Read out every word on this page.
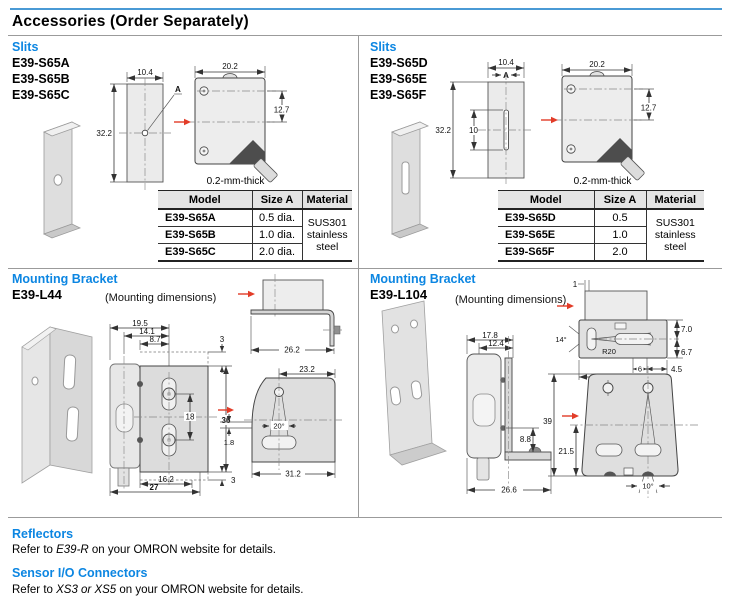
Accessories (Order Separately)
Slits
E39-S65A
E39-S65B
E39-S65C
10.4
32.2
A
20.2
12.7
0.2-mm-thick
Model	Size A	Material
E39-S65A	0.5 dia.	SUS301 stainless steel
E39-S65B	1.0 dia.	
E39-S65C	2.0 dia.	
Slits
E39-S65D
E39-S65E
E39-S65F
10.4
A
32.2 10
20.2
12.7
0.2-mm-thick
Model	Size A	Material
E39-S65D	0.5	SUS301 stainless steel
E39-S65E	1.0	
E39-S65F	2.0	
Mounting Bracket
E39-L44	(Mounting dimensions)
19.5
14.1
8.7	3
18	36
3
16.2
27
26.2
23.2
20°
31.2
1.8
Mounting Bracket
E39-L104	(Mounting dimensions)
1
R20
14°
7.0
6.7
6	4.5
17.8
12.4
8.8
26.6
39
21.5
10°
Reflectors
Refer to E39-R on your OMRON website for details.
Sensor I/O Connectors
Refer to XS3 or XS5 on your OMRON website for details.
